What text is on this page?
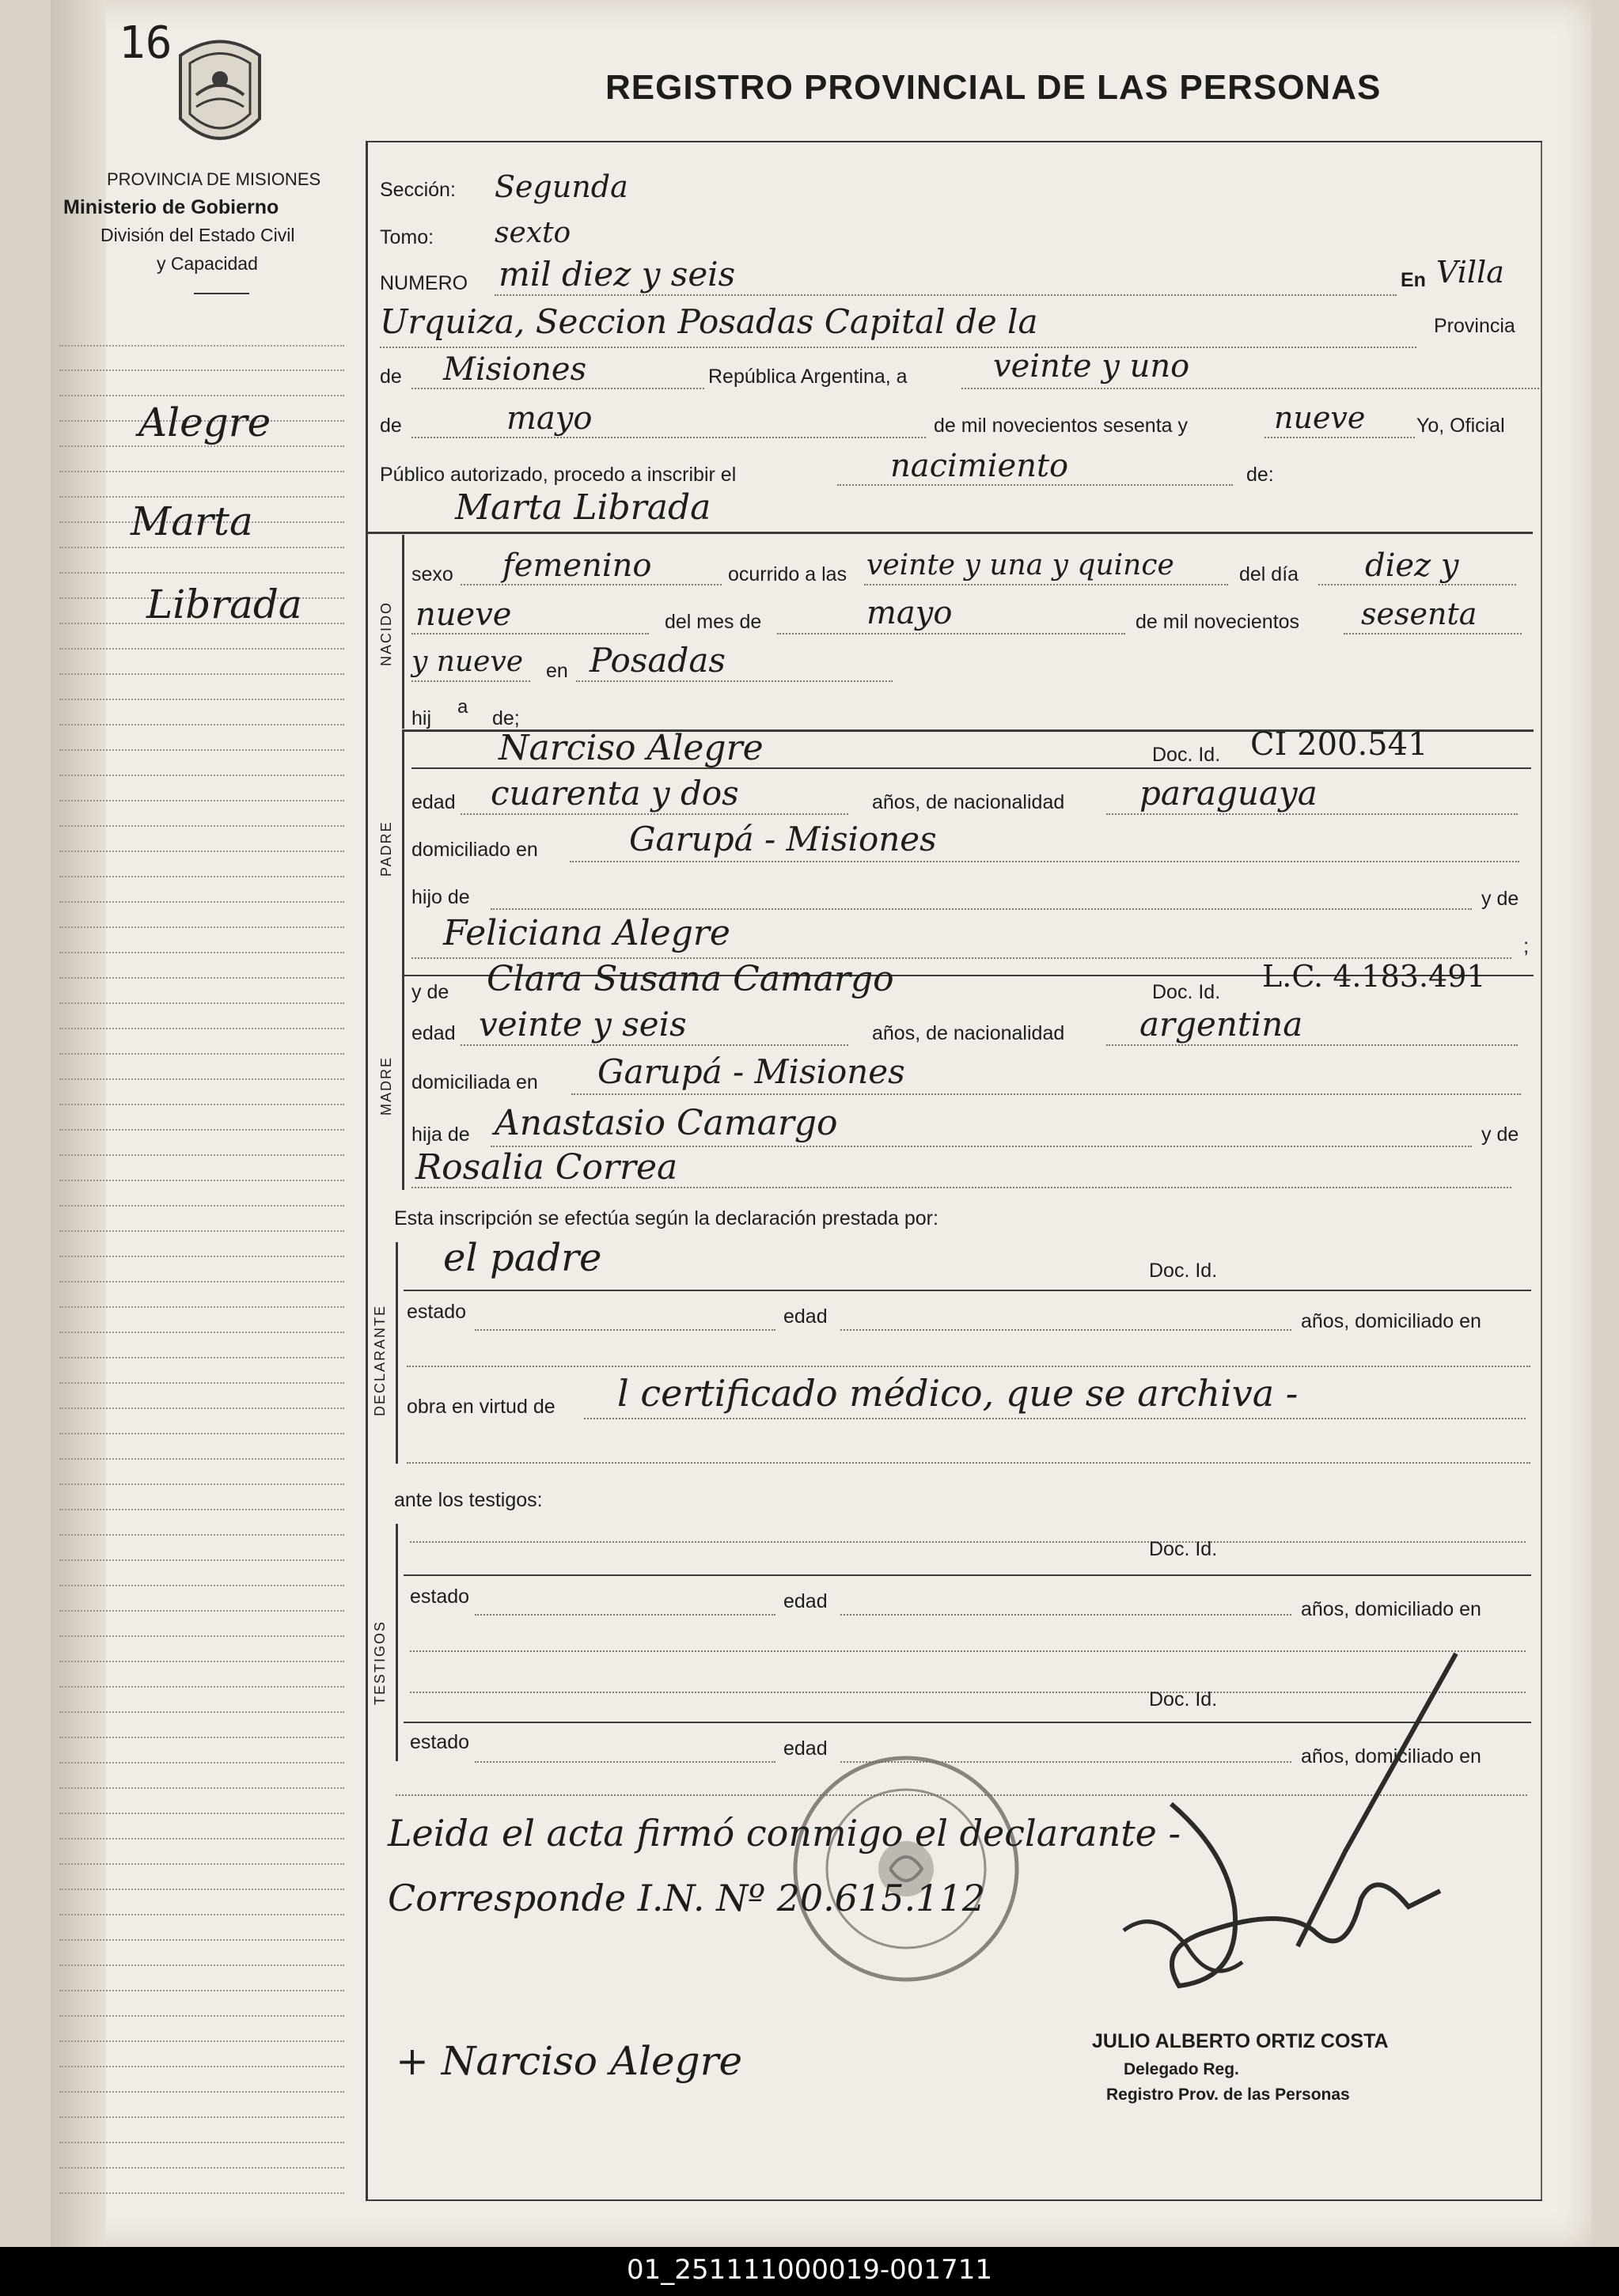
16
REGISTRO PROVINCIAL DE LAS PERSONAS
PROVINCIA DE MISIONES
Ministerio de Gobierno
División del Estado Civil
y Capacidad
Alegre
Marta
Librada
Sección: Segunda
Tomo: sexto
NUMERO mil diez y seis	En Villa
Urquiza, Seccion Posadas Capital de la	Provincia
de Misiones	República Argentina, a	veinte y uno
de	mayo	de mil novecientos sesenta y	nueve	Yo, Oficial
Público autorizado, procedo a inscribir el	nacimiento	de:
Marta Librada
NACIDO
sexo femenino	ocurrido a las veinte y una y quince	del día diez y
nueve	del mes de	mayo	de mil novecientos sesenta
y nueve en Posadas
hij
a
de;
PADRE
Narciso Alegre	Doc. Id. CI 200.541
edad cuarenta y dos	años, de nacionalidad paraguaya
domiciliado en	Garupá - Misiones
hijo de	y de
Feliciana Alegre	;
MADRE
y de Clara Susana Camargo	Doc. Id. L.C. 4.183.491
edad veinte y seis	años, de nacionalidad argentina
domiciliada en Garupá - Misiones
hija de Anastasio Camargo	y de
Rosalia Correa
Esta inscripción se efectúa según la declaración prestada por:
DECLARANTE
el padre	Doc. Id.
estado	edad	años, domiciliado en
obra en virtud de l certificado médico, que se archiva -
ante los testigos:
TESTIGOS
Doc. Id.
estado	edad	años, domiciliado en
Doc. Id.
estado	edad	años, domiciliado en
Leida el acta firmó conmigo el declarante -
Corresponde I.N. Nº 20.615.112
JULIO ALBERTO ORTIZ COSTA
Delegado Reg.
Registro Prov. de las Personas
+ Narciso Alegre
01_251111000019-001711
